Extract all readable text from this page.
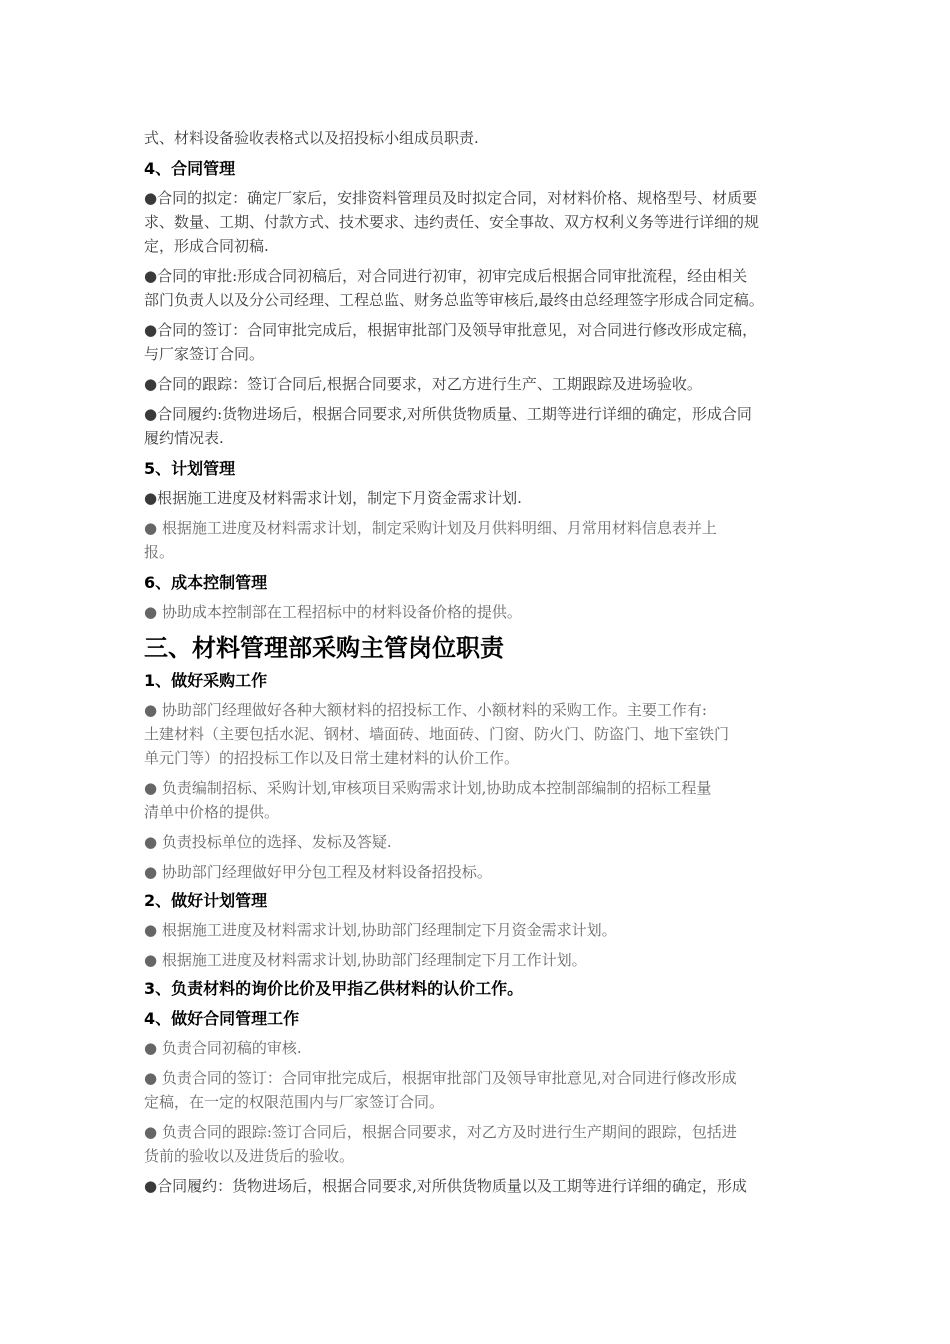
式、材料设备验收表格式以及招投标小组成员职责.
4、合同管理
●合同的拟定：确定厂家后，安排资料管理员及时拟定合同，对材料价格、规格型号、材质要
求、数量、工期、付款方式、技术要求、违约责任、安全事故、双方权利义务等进行详细的规
定，形成合同初稿.
●合同的审批:形成合同初稿后，对合同进行初审，初审完成后根据合同审批流程，经由相关
部门负责人以及分公司经理、工程总监、财务总监等审核后,最终由总经理签字形成合同定稿。
●合同的签订：合同审批完成后，根据审批部门及领导审批意见，对合同进行修改形成定稿，
与厂家签订合同。
●合同的跟踪：签订合同后,根据合同要求，对乙方进行生产、工期跟踪及进场验收。
●合同履约:货物进场后，根据合同要求,对所供货物质量、工期等进行详细的确定，形成合同
履约情况表.
5、计划管理
●根据施工进度及材料需求计划，制定下月资金需求计划.
● 根据施工进度及材料需求计划，制定采购计划及月供料明细、月常用材料信息表并上
报。
6、成本控制管理
● 协助成本控制部在工程招标中的材料设备价格的提供。
三、材料管理部采购主管岗位职责
1、做好采购工作
● 协助部门经理做好各种大额材料的招投标工作、小额材料的采购工作。主要工作有:
土建材料（主要包括水泥、钢材、墙面砖、地面砖、门窗、防火门、防盗门、地下室铁门
单元门等）的招投标工作以及日常土建材料的认价工作。
● 负责编制招标、采购计划,审核项目采购需求计划,协助成本控制部编制的招标工程量
清单中价格的提供。
● 负责投标单位的选择、发标及答疑.
● 协助部门经理做好甲分包工程及材料设备招投标。
2、做好计划管理
● 根据施工进度及材料需求计划,协助部门经理制定下月资金需求计划。
● 根据施工进度及材料需求计划,协助部门经理制定下月工作计划。
3、负责材料的询价比价及甲指乙供材料的认价工作。
4、做好合同管理工作
● 负责合同初稿的审核.
● 负责合同的签订：合同审批完成后，根据审批部门及领导审批意见,对合同进行修改形成
定稿，在一定的权限范围内与厂家签订合同。
● 负责合同的跟踪:签订合同后，根据合同要求，对乙方及时进行生产期间的跟踪，包括进
货前的验收以及进货后的验收。
●合同履约：货物进场后，根据合同要求,对所供货物质量以及工期等进行详细的确定，形成
